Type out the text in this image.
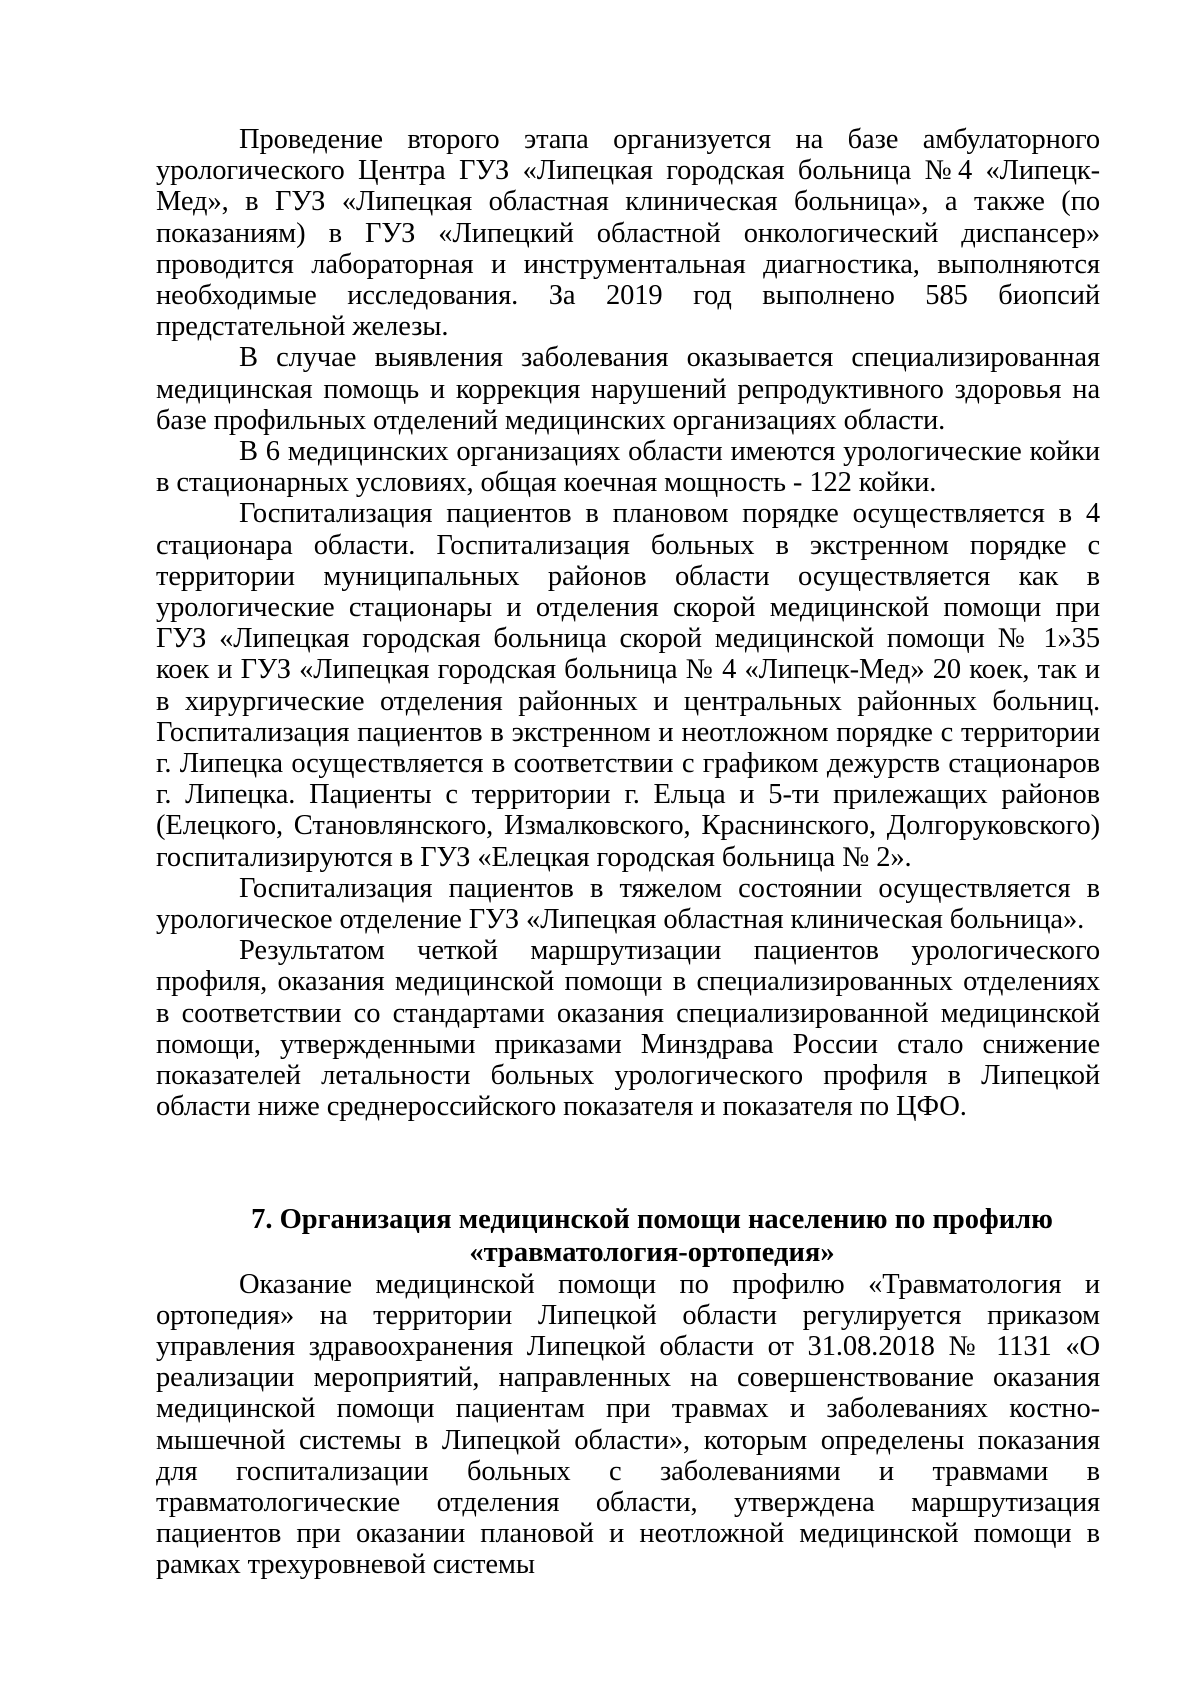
Проведение второго этапа организуется на базе амбулаторного урологического Центра ГУЗ «Липецкая городская больница №4 «Липецк-Мед», в ГУЗ «Липецкая областная клиническая больница», а также (по показаниям) в ГУЗ «Липецкий областной онкологический диспансер» проводится лабораторная и инструментальная диагностика, выполняются необходимые исследования. За 2019 год выполнено 585 биопсий предстательной железы.

В случае выявления заболевания оказывается специализированная медицинская помощь и коррекция нарушений репродуктивного здоровья на базе профильных отделений медицинских организациях области.

В 6 медицинских организациях области имеются урологические койки в стационарных условиях, общая коечная мощность - 122 койки.

Госпитализация пациентов в плановом порядке осуществляется в 4 стационара области. Госпитализация больных в экстренном порядке с территории муниципальных районов области осуществляется как в урологические стационары и отделения скорой медицинской помощи при ГУЗ «Липецкая городская больница скорой медицинской помощи № 1»35 коек и ГУЗ «Липецкая городская больница № 4 «Липецк-Мед» 20 коек, так и в хирургические отделения районных и центральных районных больниц. Госпитализация пациентов в экстренном и неотложном порядке с территории г. Липецка осуществляется в соответствии с графиком дежурств стационаров г. Липецка. Пациенты с территории г. Ельца и 5-ти прилежащих районов (Елецкого, Становлянского, Измалковского, Краснинского, Долгоруковского) госпитализируются в ГУЗ «Елецкая городская больница № 2».

Госпитализация пациентов в тяжелом состоянии осуществляется в урологическое отделение ГУЗ «Липецкая областная клиническая больница».

Результатом четкой маршрутизации пациентов урологического профиля, оказания медицинской помощи в специализированных отделениях в соответствии со стандартами оказания специализированной медицинской помощи, утвержденными приказами Минздрава России стало снижение показателей летальности больных урологического профиля в Липецкой области ниже среднероссийского показателя и показателя по ЦФО.

7. Организация медицинской помощи населению по профилю
«травматология-ортопедия»

Оказание медицинской помощи по профилю «Травматология и ортопедия» на территории Липецкой области регулируется приказом управления здравоохранения Липецкой области от 31.08.2018 № 1131 «О реализации мероприятий, направленных на совершенствование оказания медицинской помощи пациентам при травмах и заболеваниях костно-мышечной системы в Липецкой области», которым определены показания для госпитализации больных с заболеваниями и травмами в травматологические отделения области, утверждена маршрутизация пациентов при оказании плановой и неотложной медицинской помощи в рамках трехуровневой системы
